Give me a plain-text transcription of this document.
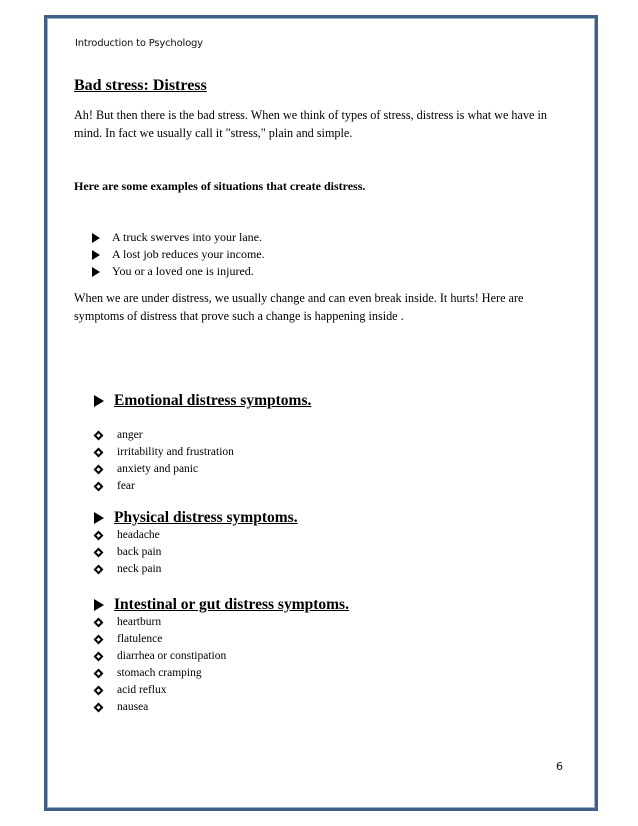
Introduction to Psychology
Bad stress: Distress
Ah! But then there is the bad stress. When we think of types of stress, distress is what we have in mind. In fact we usually call it "stress," plain and simple.
Here are some examples of situations that create distress.
A truck swerves into your lane.
A lost job reduces your income.
You or a loved one is injured.
When we are under distress, we usually change and can even break inside. It hurts! Here are symptoms of distress that prove such a change is happening inside .
Emotional distress symptoms.
anger
irritability and frustration
anxiety and panic
fear
Physical distress symptoms.
headache
back pain
neck pain
Intestinal or gut distress symptoms.
heartburn
flatulence
diarrhea or constipation
stomach cramping
acid reflux
nausea
6
